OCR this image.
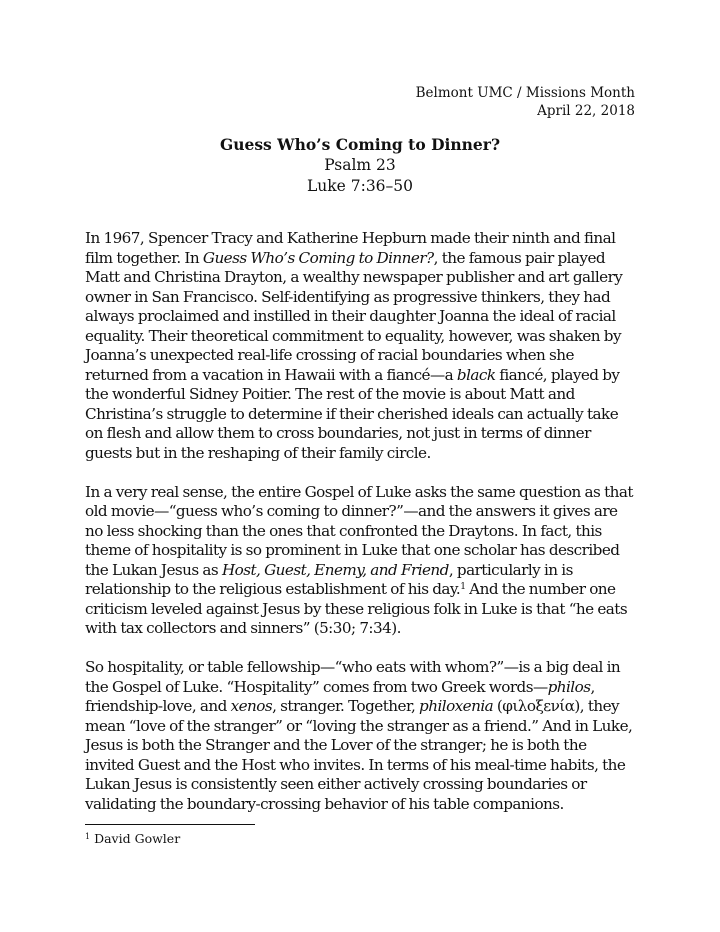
Belmont UMC / Missions Month
April 22, 2018
Guess Who’s Coming to Dinner?
Psalm 23
Luke 7:36–50

In 1967, Spencer Tracy and Katherine Hepburn made their ninth and final film together. In Guess Who’s Coming to Dinner?, the famous pair played Matt and Christina Drayton, a wealthy newspaper publisher and art gallery owner in San Francisco. Self-identifying as progressive thinkers, they had always proclaimed and instilled in their daughter Joanna the ideal of racial equality. Their theoretical commitment to equality, however, was shaken by Joanna’s unexpected real-life crossing of racial boundaries when she returned from a vacation in Hawaii with a fiancé—a black fiancé, played by the wonderful Sidney Poitier. The rest of the movie is about Matt and Christina’s struggle to determine if their cherished ideals can actually take on flesh and allow them to cross boundaries, not just in terms of dinner guests but in the reshaping of their family circle.

In a very real sense, the entire Gospel of Luke asks the same question as that old movie—“guess who’s coming to dinner?”—and the answers it gives are no less shocking than the ones that confronted the Draytons. In fact, this theme of hospitality is so prominent in Luke that one scholar has described the Lukan Jesus as Host, Guest, Enemy, and Friend, particularly in is relationship to the religious establishment of his day.$^1$ And the number one criticism leveled against Jesus by these religious folk in Luke is that “he eats with tax collectors and sinners” (5:30; 7:34).

So hospitality, or table fellowship—“who eats with whom?”—is a big deal in the Gospel of Luke. “Hospitality” comes from two Greek words—philos, friendship-love, and xenos, stranger. Together, philoxenia (φιλοξενία), they mean “love of the stranger” or “loving the stranger as a friend.” And in Luke, Jesus is both the Stranger and the Lover of the stranger; he is both the invited Guest and the Host who invites. In terms of his meal-time habits, the Lukan Jesus is consistently seen either actively crossing boundaries or validating the boundary-crossing behavior of his table companions.

$^1$ David Gowler
